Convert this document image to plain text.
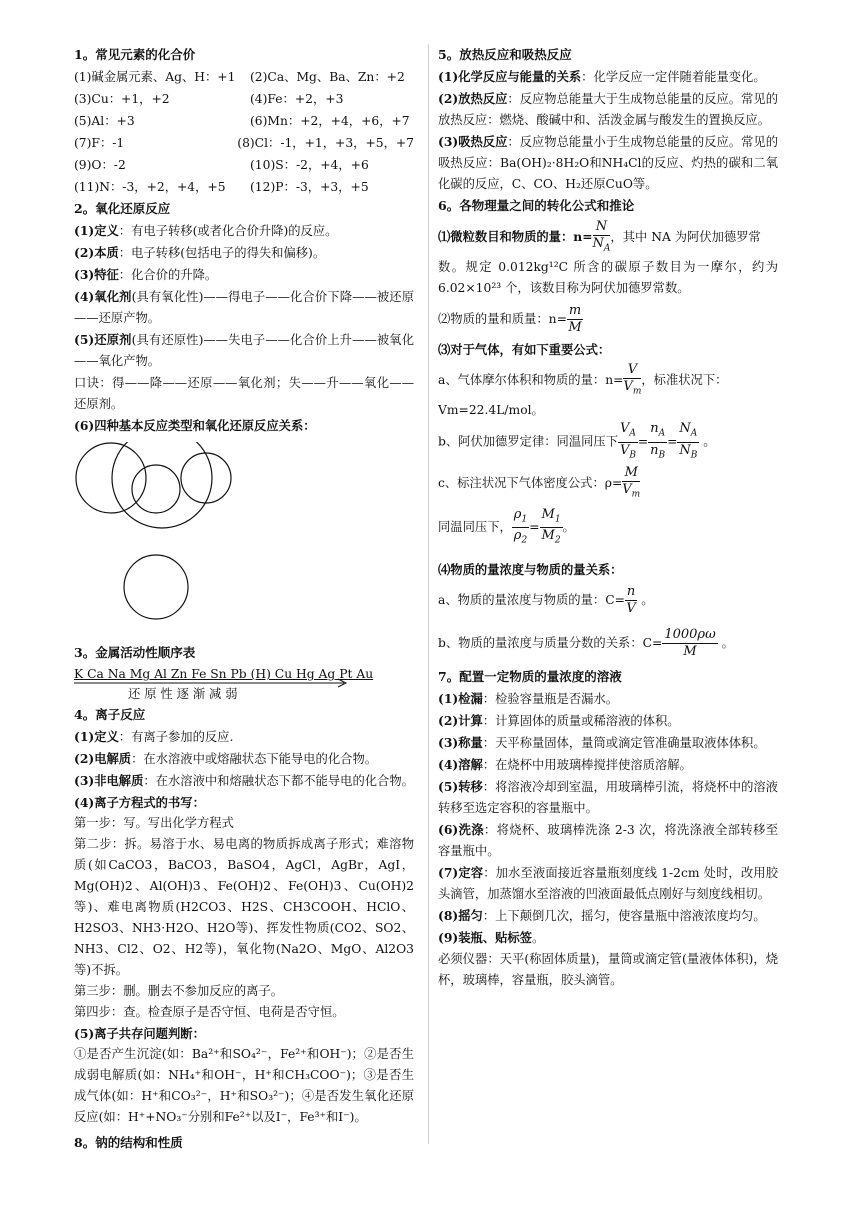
1。常见元素的化合价
(1)碱金属元素、Ag、H：+1	(2)Ca、Mg、Ba、Zn：+2
(3)Cu：+1，+2	(4)Fe：+2，+3
(5)Al：+3	(6)Mn：+2，+4，+6，+7
(7)F：-1	(8)Cl：-1，+1，+3，+5，+7
(9)O：-2	(10)S：-2，+4，+6
(11)N：-3，+2，+4，+5	(12)P：-3，+3，+5
2。氧化还原反应
(1)定义：有电子转移(或者化合价升降)的反应。
(2)本质：电子转移(包括电子的得失和偏移)。
(3)特征：化合价的升降。
(4)氧化剂(具有氧化性)——得电子——化合价下降——被还原——还原产物。
(5)还原剂(具有还原性)——失电子——化合价上升——被氧化——氧化产物。
口诀：得——降——还原——氧化剂；失——升——氧化——还原剂。
(6)四种基本反应类型和氧化还原反应关系：
3。金属活动性顺序表
K Ca Na Mg Al Zn Fe Sn Pb (H) Cu Hg Ag Pt Au
还 原 性 逐 渐 减 弱
4。离子反应
(1)定义：有离子参加的反应.
(2)电解质：在水溶液中或熔融状态下能导电的化合物。
(3)非电解质：在水溶液中和熔融状态下都不能导电的化合物。
(4)离子方程式的书写：
第一步：写。写出化学方程式
第二步：拆。易溶于水、易电离的物质拆成离子形式；难溶物质(如CaCO3，BaCO3，BaSO4，AgCl，AgBr，AgI，Mg(OH)2、Al(OH)3、Fe(OH)2、Fe(OH)3、Cu(OH)2等)、难电离物质(H2CO3、H2S、CH3COOH、HClO、H2SO3、NH3·H2O、H2O等)、挥发性物质(CO2、SO2、NH3、Cl2、O2、H2等)，氧化物(Na2O、MgO、Al2O3等)不拆。
第三步：删。删去不参加反应的离子。
第四步：查。检查原子是否守恒、电荷是否守恒。
(5)离子共存问题判断：
①是否产生沉淀(如：Ba²⁺和SO₄²⁻，Fe²⁺和OH⁻)；②是否生成弱电解质(如：NH₄⁺和OH⁻，H⁺和CH₃COO⁻)；③是否生成气体(如：H⁺和CO₃²⁻，H⁺和SO₃²⁻)；④是否发生氧化还原反应(如：H⁺+NO₃⁻分别和Fe²⁺以及I⁻，Fe³⁺和I⁻)。
8。钠的结构和性质
5。放热反应和吸热反应
(1)化学反应与能量的关系：化学反应一定伴随着能量变化。
(2)放热反应：反应物总能量大于生成物总能量的反应。常见的放热反应：燃烧、酸碱中和、活泼金属与酸发生的置换反应。
(3)吸热反应：反应物总能量小于生成物总能量的反应。常见的吸热反应：Ba(OH)₂·8H₂O和NH₄Cl的反应、灼热的碳和二氧化碳的反应，C、CO、H₂还原CuO等。
6。各物理量之间的转化公式和推论
⑴微粒数目和物质的量：$n= \frac{N}{N_A}$ ，其中 NA 为阿伏加德罗常
数。规定 0.012kg¹²C 所含的碳原子数目为一摩尔，约为 6.02×10²³ 个，该数目称为阿伏加德罗常数。
⑵物质的量和质量：$n= \frac{m}{M}$
⑶对于气体，有如下重要公式：
a、气体摩尔体积和物质的量：$n= \frac{V}{V_m}$ ，标准状况下：
Vm=22.4L/mol。
b、阿伏加德罗定律：同温同压下 $\frac{V_A}{V_B} = \frac{n_A}{n_B} = \frac{N_A}{N_B}$ 。
c、标注状况下气体密度公式：$\rho= \frac{M}{V_m}$
同温同压下， $\frac{\rho_1}{\rho_2} = \frac{M_1}{M_2}$ 。
⑷物质的量浓度与物质的量关系：
a、物质的量浓度与物质的量：$C= \frac{n}{V}$ 。
b、物质的量浓度与质量分数的关系：$C= \frac{1000\rho\omega}{M}$ 。
7。配置一定物质的量浓度的溶液
(1)检漏：检验容量瓶是否漏水。
(2)计算：计算固体的质量或稀溶液的体积。
(3)称量：天平称量固体，量筒或滴定管准确量取液体体积。
(4)溶解：在烧杯中用玻璃棒搅拌使溶质溶解。
(5)转移：将溶液冷却到室温，用玻璃棒引流，将烧杯中的溶液转移至选定容积的容量瓶中。
(6)洗涤：将烧杯、玻璃棒洗涤 2-3 次，将洗涤液全部转移至容量瓶中。
(7)定容：加水至液面接近容量瓶刻度线 1-2cm 处时，改用胶头滴管，加蒸馏水至溶液的凹液面最低点刚好与刻度线相切。
(8)摇匀：上下颠倒几次，摇匀，使容量瓶中溶液浓度均匀。
(9)装瓶、贴标签。
必须仪器：天平(称固体质量)，量筒或滴定管(量液体体积)，烧杯，玻璃棒，容量瓶，胶头滴管。
